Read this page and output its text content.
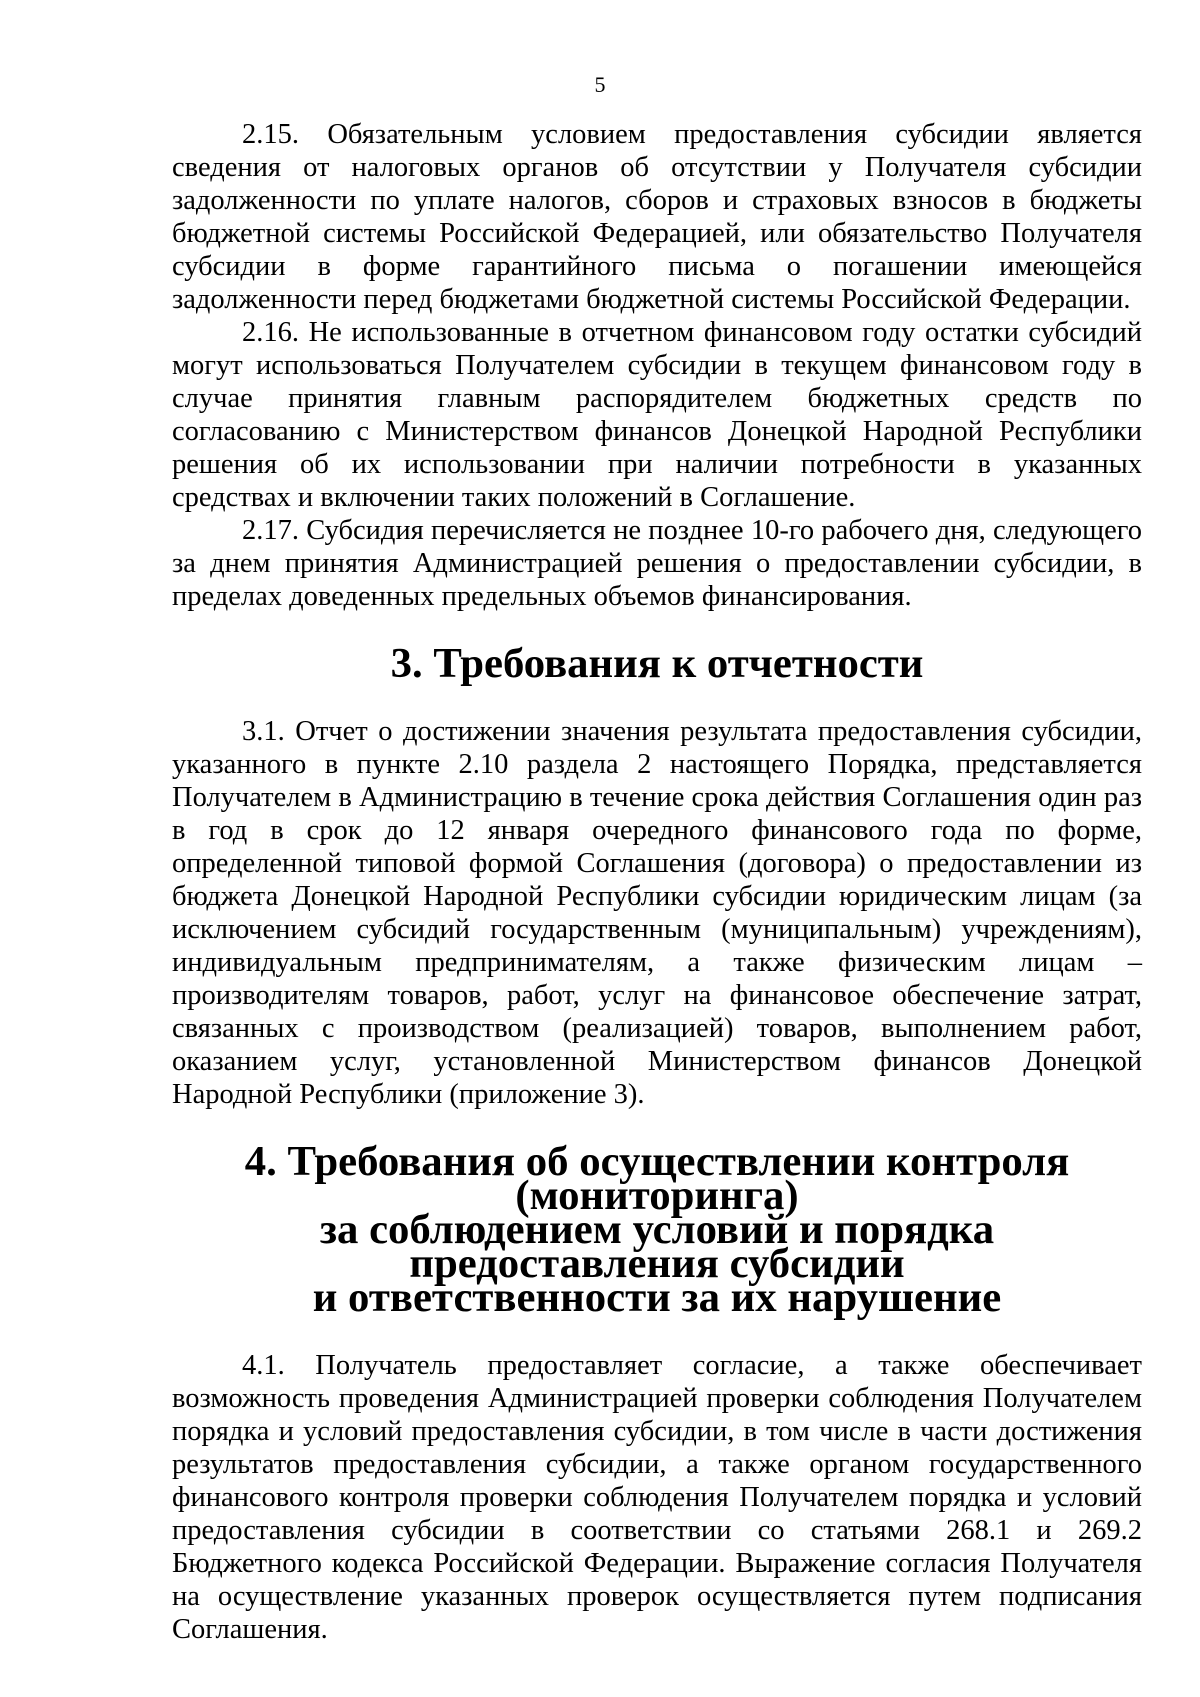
5

2.15. Обязательным условием предоставления субсидии является сведения от налоговых органов об отсутствии у Получателя субсидии задолженности по уплате налогов, сборов и страховых взносов в бюджеты бюджетной системы Российской Федерацией, или обязательство Получателя субсидии в форме гарантийного письма о погашении имеющейся задолженности перед бюджетами бюджетной системы Российской Федерации.

2.16. Не использованные в отчетном финансовом году остатки субсидий могут использоваться Получателем субсидии в текущем финансовом году в случае принятия главным распорядителем бюджетных средств по согласованию с Министерством финансов Донецкой Народной Республики решения об их использовании при наличии потребности в указанных средствах и включении таких положений в Соглашение.

2.17. Субсидия перечисляется не позднее 10-го рабочего дня, следующего за днем принятия Администрацией решения о предоставлении субсидии, в пределах доведенных предельных объемов финансирования.

3. Требования к отчетности

3.1. Отчет о достижении значения результата предоставления субсидии, указанного в пункте 2.10 раздела 2 настоящего Порядка, представляется Получателем в Администрацию в течение срока действия Соглашения один раз в год в срок до 12 января очередного финансового года по форме, определенной типовой формой Соглашения (договора) о предоставлении из бюджета Донецкой Народной Республики субсидии юридическим лицам (за исключением субсидий государственным (муниципальным) учреждениям), индивидуальным предпринимателям, а также физическим лицам – производителям товаров, работ, услуг на финансовое обеспечение затрат, связанных с производством (реализацией) товаров, выполнением работ, оказанием услуг, установленной Министерством финансов Донецкой Народной Республики (приложение 3).

4. Требования об осуществлении контроля (мониторинга)
за соблюдением условий и порядка предоставления субсидии
и ответственности за их нарушение

4.1. Получатель предоставляет согласие, а также обеспечивает возможность проведения Администрацией проверки соблюдения Получателем порядка и условий предоставления субсидии, в том числе в части достижения результатов предоставления субсидии, а также органом государственного финансового контроля проверки соблюдения Получателем порядка и условий предоставления субсидии в соответствии со статьями 268.1 и 269.2 Бюджетного кодекса Российской Федерации. Выражение согласия Получателя на осуществление указанных проверок осуществляется путем подписания Соглашения.
